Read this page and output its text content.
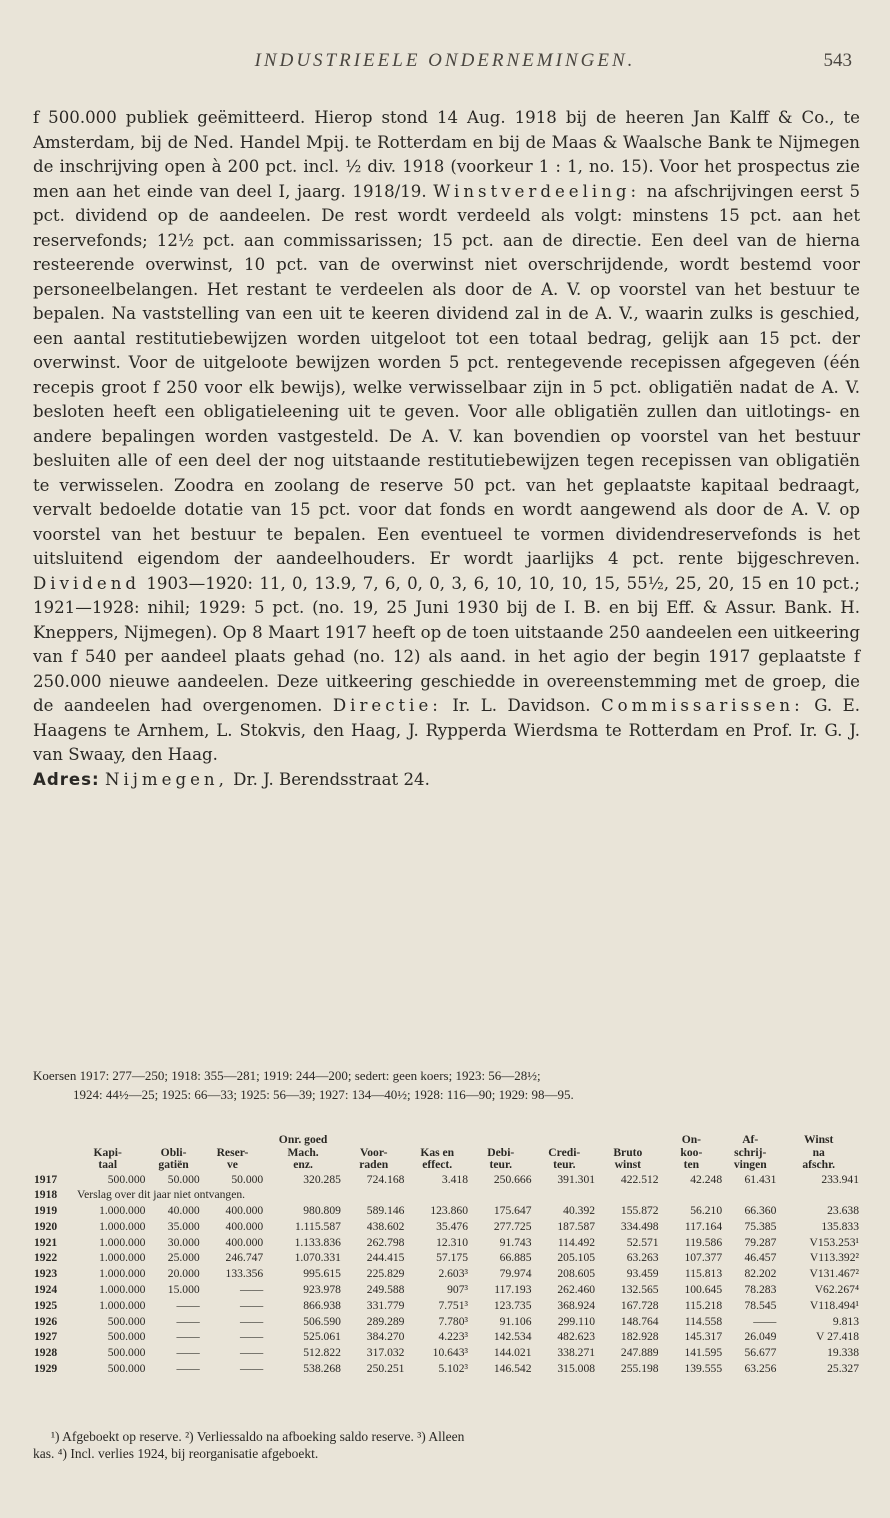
INDUSTRIEELE ONDERNEMINGEN.	543
f 500.000 publiek geëmitteerd. Hierop stond 14 Aug. 1918 bij de heeren Jan Kalff & Co., te Amsterdam, bij de Ned. Handel Mpij. te Rotterdam en bij de Maas & Waalsche Bank te Nijmegen de inschrijving open à 200 pct. incl. ½ div. 1918 (voorkeur 1 : 1, no. 15). Voor het prospectus zie men aan het einde van deel I, jaarg. 1918/19. Winstverdeeling: na afschrijvingen eerst 5 pct. dividend op de aandeelen. De rest wordt verdeeld als volgt: minstens 15 pct. aan het reservefonds; 12½ pct. aan commissarissen; 15 pct. aan de directie. Een deel van de hierna resteerende overwinst, 10 pct. van de overwinst niet overschrijdende, wordt bestemd voor personeelbelangen. Het restant te verdeelen als door de A. V. op voorstel van het bestuur te bepalen. Na vaststelling van een uit te keeren dividend zal in de A. V., waarin zulks is geschied, een aantal restitutiebewijzen worden uitgeloot tot een totaal bedrag, gelijk aan 15 pct. der overwinst. Voor de uitgeloote bewijzen worden 5 pct. rentegevende recepissen afgegeven (één recepis groot f 250 voor elk bewijs), welke verwisselbaar zijn in 5 pct. obligatiën nadat de A. V. besloten heeft een obligatieleening uit te geven. Voor alle obligatiën zullen dan uitlotings- en andere bepalingen worden vastgesteld. De A. V. kan bovendien op voorstel van het bestuur besluiten alle of een deel der nog uitstaande restitutiebewijzen tegen recepissen van obligatiën te verwisselen. Zoodra en zoolang de reserve 50 pct. van het geplaatste kapitaal bedraagt, vervalt bedoelde dotatie van 15 pct. voor dat fonds en wordt aangewend als door de A. V. op voorstel van het bestuur te bepalen. Een eventueel te vormen dividendreservefonds is het uitsluitend eigendom der aandeelhouders. Er wordt jaarlijks 4 pct. rente bijgeschreven. Dividend 1903—1920: 11, 0, 13.9, 7, 6, 0, 0, 3, 6, 10, 10, 10, 15, 55½, 25, 20, 15 en 10 pct.; 1921—1928: nihil; 1929: 5 pct. (no. 19, 25 Juni 1930 bij de I. B. en bij Eff. & Assur. Bank. H. Kneppers, Nijmegen). Op 8 Maart 1917 heeft op de toen uitstaande 250 aandeelen een uitkeering van f 540 per aandeel plaats gehad (no. 12) als aand. in het agio der begin 1917 geplaatste f 250.000 nieuwe aandeelen. Deze uitkeering geschiedde in overeenstemming met de groep, die de aandeelen had overgenomen. Directie: Ir. L. Davidson. Commissarissen: G. E. Haagens te Arnhem, L. Stokvis, den Haag, J. Rypperda Wierdsma te Rotterdam en Prof. Ir. G. J. van Swaay, den Haag.
Adres: Nijmegen, Dr. J. Berendsstraat 24.
Koersen 1917: 277—250; 1918: 355—281; 1919: 244—200; sedert: geen koers; 1923: 56—28½;
1924: 44½—25; 1925: 66—33; 1925: 56—39; 1927: 134—40½; 1928: 116—90; 1929: 98—95.
				Onr. goed						On-	Af-	Winst
	Kapi-	Obli-	Reser-	Mach.	Voor-	Kas en	Debi-	Credi-	Bruto	koo-	schrij-	na
	taal	gatiën	ve	enz.	raden	effect.	teur.	teur.	winst	ten	vingen	afschr.
1917	500.000	50.000	50.000	320.285	724.168	3.418	250.666	391.301	422.512	42.248	61.431	233.941
1918	Verslag over dit jaar niet ontvangen.											
1919	1.000.000	40.000	400.000	980.809	589.146	123.860	175.647	40.392	155.872	56.210	66.360	23.638
1920	1.000.000	35.000	400.000	1.115.587	438.602	35.476	277.725	187.587	334.498	117.164	75.385	135.833
1921	1.000.000	30.000	400.000	1.133.836	262.798	12.310	91.743	114.492	52.571	119.586	79.287	V153.253¹
1922	1.000.000	25.000	246.747	1.070.331	244.415	57.175	66.885	205.105	63.263	107.377	46.457	V113.392²
1923	1.000.000	20.000	133.356	995.615	225.829	2.603³	79.974	208.605	93.459	115.813	82.202	V131.467²
1924	1.000.000	15.000	——	923.978	249.588	907³	117.193	262.460	132.565	100.645	78.283	V62.267⁴
1925	1.000.000	——	——	866.938	331.779	7.751³	123.735	368.924	167.728	115.218	78.545	V118.494¹
1926	500.000	——	——	506.590	289.289	7.780³	91.106	299.110	148.764	114.558	——	9.813
1927	500.000	——	——	525.061	384.270	4.223³	142.534	482.623	182.928	145.317	26.049	V 27.418
1928	500.000	——	——	512.822	317.032	10.643³	144.021	338.271	247.889	141.595	56.677	19.338
1929	500.000	——	——	538.268	250.251	5.102³	146.542	315.008	255.198	139.555	63.256	25.327
¹) Afgeboekt op reserve. ²) Verliessaldo na afboeking saldo reserve. ³) Alleen
kas. ⁴) Incl. verlies 1924, bij reorganisatie afgeboekt.
